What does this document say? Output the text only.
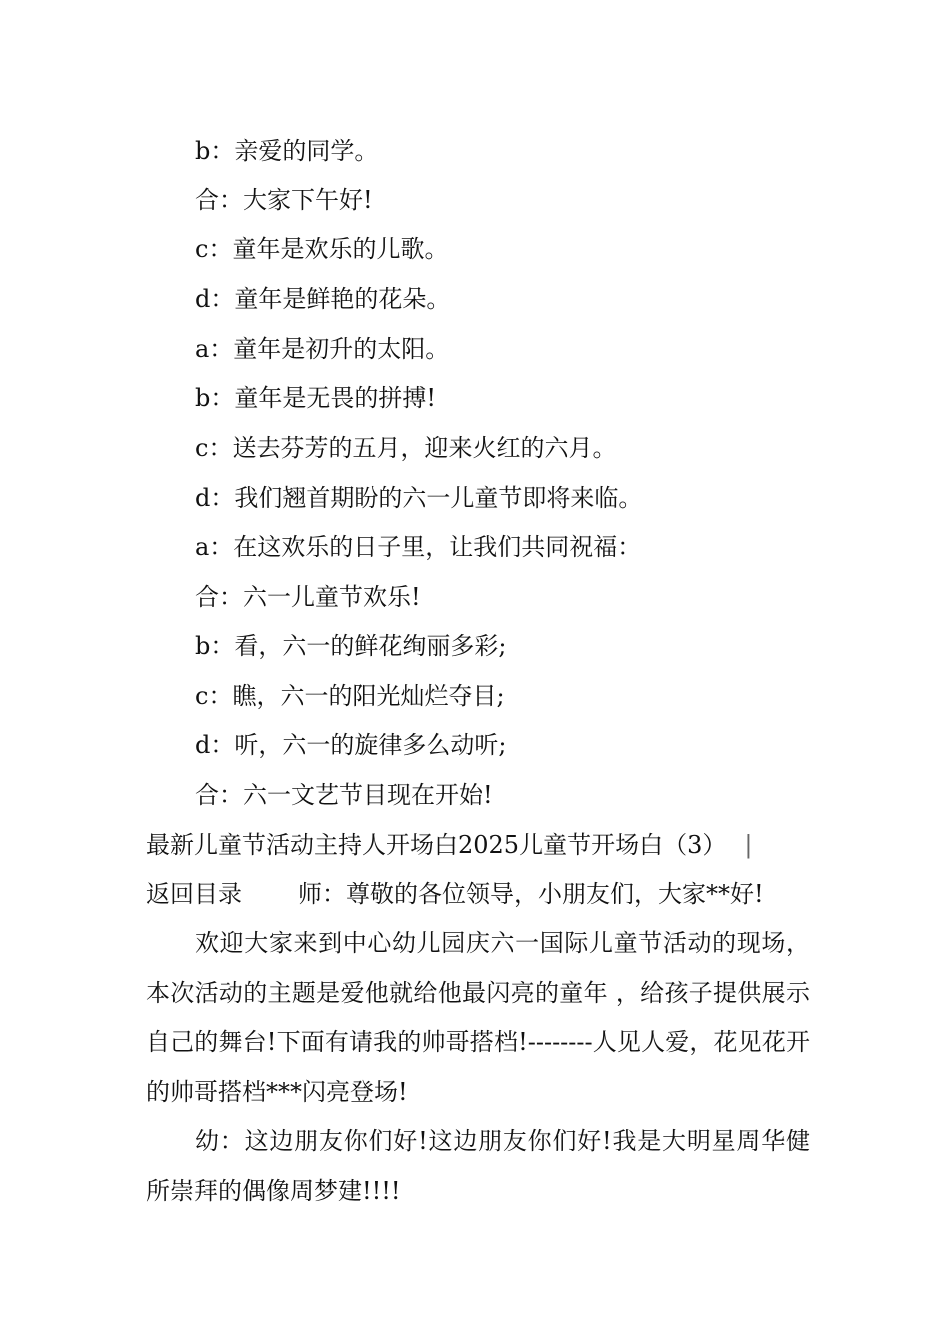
b：亲爱的同学。

合：大家下午好!

c：童年是欢乐的儿歌。

d：童年是鲜艳的花朵。

a：童年是初升的太阳。

b：童年是无畏的拼搏!

c：送去芬芳的五月，迎来火红的六月。

d：我们翘首期盼的六一儿童节即将来临。

a：在这欢乐的日子里，让我们共同祝福：

合：六一儿童节欢乐!

b：看，六一的鲜花绚丽多彩;

c：瞧，六一的阳光灿烂夺目;

d：听，六一的旋律多么动听;

合：六一文艺节目现在开始!

最新儿童节活动主持人开场白2025儿童节开场白（3） |

返回目录 师：尊敬的各位领导，小朋友们，大家**好!

欢迎大家来到中心幼儿园庆六一国际儿童节活动的现场，本次活动的主题是爱他就给他最闪亮的童年 ，给孩子提供展示自己的舞台!下面有请我的帅哥搭档!--------人见人爱，花见花开的帅哥搭档***闪亮登场!

幼：这边朋友你们好!这边朋友你们好!我是大明星周华健所崇拜的偶像周梦建!!!!
